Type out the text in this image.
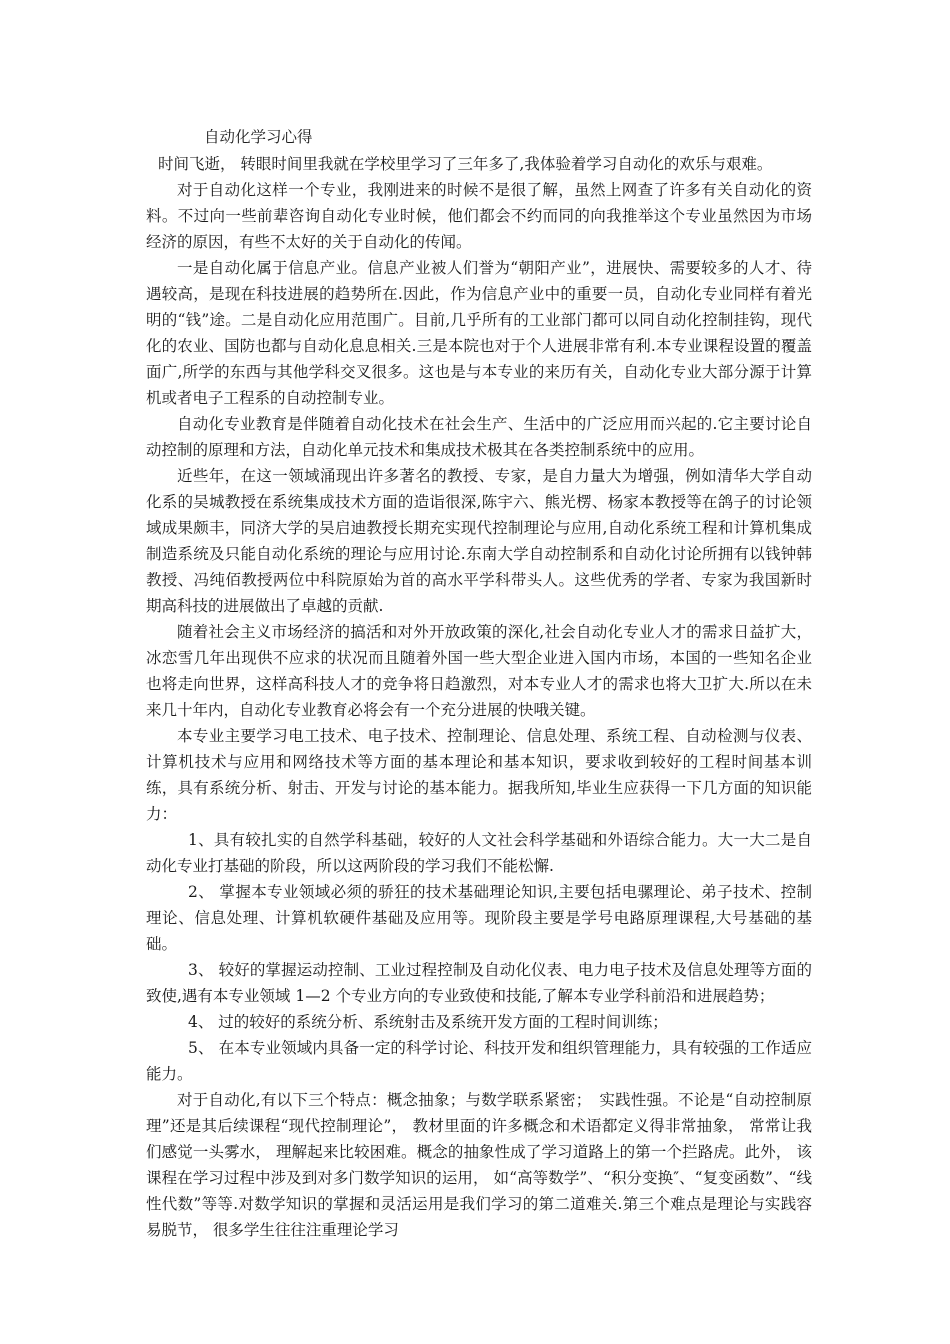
自动化学习心得

时间飞逝， 转眼时间里我就在学校里学习了三年多了,我体验着学习自动化的欢乐与艰难。

对于自动化这样一个专业，我刚进来的时候不是很了解，虽然上网查了许多有关自动化的资料。不过向一些前辈咨询自动化专业时候，他们都会不约而同的向我推举这个专业虽然因为市场经济的原因，有些不太好的关于自动化的传闻。

一是自动化属于信息产业。信息产业被人们誉为“朝阳产业”，进展快、需要较多的人才、待遇较高，是现在科技进展的趋势所在.因此，作为信息产业中的重要一员，自动化专业同样有着光明的“钱”途。二是自动化应用范围广。目前,几乎所有的工业部门都可以同自动化控制挂钩，现代化的农业、国防也都与自动化息息相关.三是本院也对于个人进展非常有利.本专业课程设置的覆盖面广,所学的东西与其他学科交叉很多。这也是与本专业的来历有关，自动化专业大部分源于计算机或者电子工程系的自动控制专业。

自动化专业教育是伴随着自动化技术在社会生产、生活中的广泛应用而兴起的.它主要讨论自动控制的原理和方法，自动化单元技术和集成技术极其在各类控制系统中的应用。

近些年，在这一领域涌现出许多著名的教授、专家，是自力量大为增强，例如清华大学自动化系的吴城教授在系统集成技术方面的造诣很深,陈宇六、熊光楞、杨家本教授等在鸽子的讨论领域成果颇丰，同济大学的吴启迪教授长期充实现代控制理论与应用,自动化系统工程和计算机集成制造系统及只能自动化系统的理论与应用讨论.东南大学自动控制系和自动化讨论所拥有以钱钟韩教授、冯纯佰教授两位中科院原始为首的高水平学科带头人。这些优秀的学者、专家为我国新时期高科技的进展做出了卓越的贡献.

随着社会主义市场经济的搞活和对外开放政策的深化,社会自动化专业人才的需求日益扩大，冰恋雪几年出现供不应求的状况而且随着外国一些大型企业进入国内市场，本国的一些知名企业也将走向世界，这样高科技人才的竞争将日趋激烈，对本专业人才的需求也将大卫扩大.所以在未来几十年内，自动化专业教育必将会有一个充分进展的快哦关键。

本专业主要学习电工技术、电子技术、控制理论、信息处理、系统工程、自动检测与仪表、计算机技术与应用和网络技术等方面的基本理论和基本知识，要求收到较好的工程时间基本训练，具有系统分析、射击、开发与讨论的基本能力。据我所知,毕业生应获得一下几方面的知识能力：

1、具有较扎实的自然学科基础，较好的人文社会科学基础和外语综合能力。大一大二是自动化专业打基础的阶段，所以这两阶段的学习我们不能松懈.

2、 掌握本专业领域必须的骄狂的技术基础理论知识,主要包括电骡理论、弟子技术、控制理论、信息处理、计算机软硬件基础及应用等。现阶段主要是学号电路原理课程,大号基础的基础。

3、 较好的掌握运动控制、工业过程控制及自动化仪表、电力电子技术及信息处理等方面的致使,遇有本专业领域 1—2 个专业方向的专业致使和技能,了解本专业学科前沿和进展趋势；

4、 过的较好的系统分析、系统射击及系统开发方面的工程时间训练；

5、 在本专业领域内具备一定的科学讨论、科技开发和组织管理能力，具有较强的工作适应能力。

对于自动化,有以下三个特点：概念抽象；与数学联系紧密；　实践性强。不论是“自动控制原理”还是其后续课程“现代控制理论”， 教材里面的许多概念和术语都定义得非常抽象， 常常让我们感觉一头雾水， 理解起来比较困难。概念的抽象性成了学习道路上的第一个拦路虎。此外， 该课程在学习过程中涉及到对多门数学知识的运用， 如“高等数学”、“积分变换″、“复变函数”、“线性代数”等等.对数学知识的掌握和灵活运用是我们学习的第二道难关.第三个难点是理论与实践容易脱节， 很多学生往往注重理论学习
